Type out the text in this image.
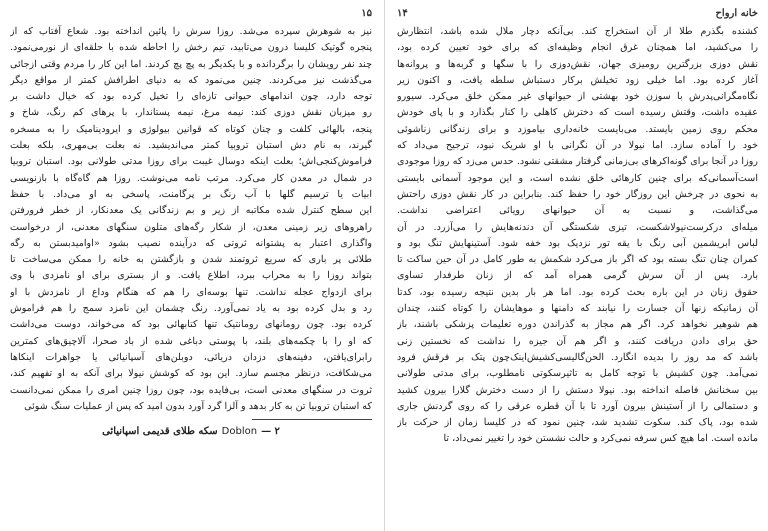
۱۵
نیز به شوهرش سپرده می‌شد. روزا سرش را پائین انداخته بود. شعاع آفتاب که از
پنجره گوتیک کلیسا درون می‌تابید، تیم رخش را احاطه شده با حلقه‌ای از نورمی‌نمود.
چند نفر رویشان را برگردانده و با یکدیگر به پچ پچ کردند. اما این کار را مردم وقتی ازجائی
می‌گذشت نیز می‌کردند. چنین می‌نمود که به دنیای اطرافش کمتر از مواقع دیگر
توجه دارد، چون اندامهای حیوانی تازه‌ای را تخیل کرده بود که خیال داشت بر
رو میزبان نقش دوزی کند: نیمه مرغ، نیمه پستاندار، با پرهای کم رنگ، شاخ و
پنجه، بالهائی کلفت و چنان کوتاه که قوانین بیولوژی و ایرودینامیک را به مسخره
گیرند، به نام دش استبان تروبیا کمتر می‌اندیشید. نه بعلت بی‌مهری، بلکه بعلت
فراموش‌کنجی‌اش؛ بعلت اینکه دوسال غیبت برای روزا مدتی طولانی بود. استبان تروبیا
در شمال در معدن کار می‌کرد. مرتب نامه می‌نوشت. روزا هم گاه‌گاه با بازنویسی
ابیات یا ترسیم گلها با آب رنگ بر پرگامنت، پاسخی به او می‌داد. با حفظ
این سطح کنترل شده مکاتبه از زیر و بم زندگانی یک معدنکار، از خطر فرورفتن
راهروهای زیر زمینی معدن، از شکار رگه‌های متلون سنگهای معدنی، از درخواست
واگذاری اعتبار به پشتوانه ثروتی که درآینده نصیب بشود «اوامیدبستن به رگه
طلائی پر باری که سریع ثروتمند شدن و بازگشتن به خانه را ممکن می‌ساخت تا
بتواند روزا را به محراب ببرد، اطلاع یافت. و از بستری برای او نامزدی با وی
برای ازدواج عجله نداشت. تنها بوسه‌ای را هم که هنگام وداع از نامزدش با او
رد و بدل کرده بود به یاد نمی‌آورد. رنگ چشمان این نامزد سمج را هم فراموش
کرده بود. چون رومانهای رومانتیک تنها کتابهائی بود که می‌خواند، دوست می‌داشت
که او را با چکمه‌های بلند، با پوستی دباغی شده از باد صحرا، آلاچیق‌های کمترین
رابرای‌یافتن، دفینه‌های دزدان دریائی، دوبلن‌های آسپانیائی یا جواهرات اینکاها
می‌شکافت، درنظر مجسم سازد. این بود که کوشش نیولا برای آنکه به او تفهیم کند،
ثروت در سنگهای معدنی است، بی‌فایده بود، چون روزا چنین امری را ممکن نمی‌دانست
که استبان تروبیا تن به کار بدهد و آلزا گرد آورد بدون امید که پس از عملیات سنگ شوئی
۲ —Doblonسکه طلای قدیمی اسپانیائی
خانه ارواح
۱۴
کشنده بگذرم طلا از آن استخراج کند. بی‌آنکه دچار ملال شده باشد، انتظارش
را می‌کشید، اما همچنان غرق انجام وظیفه‌ای که برای خود تعیین کرده بود،
نقش دوزی بزرگترین رومیزی جهان، نقش‌دوزی را با سگها و گربه‌ها و پروانه‌ها
آغاز کرده بود. اما خیلی زود تخیلش برکار دستباش سلطه یافت، و اکنون زیر
نگاه‌مگرانی‌پدرش با سوزن خود بهشتی از حیوانهای غیر ممکن خلق می‌کرد. سیورو
عقیده داشت، وقتش رسیده است که دخترش کاهلی را کنار بگذارد و با پای خودش
محکم روی زمین بایستد. می‌بایست خانه‌داری بیاموزد و برای زندگانی زناشوئی
خود را آماده سازد. اما نیولا در آن نگرانی با او شریک نبود، ترجیح می‌داد که
روزا در آنجا برای گونه‌اکرهای بی‌زمانی گرفتار مشقتی نشود. حدس می‌زد که روزا موجودی
است‌آسمانی‌که برای چنین کارهائی خلق نشده است، و این موجود آسمانی بایستی
به نحوی در چرخش این روزگار خود را حفظ کند. بنابراین در کار نقش دوزی راحتش
می‌گذاشت، و نسبت به آن حیوانهای رویائی اعتراضی نداشت.
میله‌ای درکرست‌نیولاشکست، تیزی شکستگی آن دندنه‌هایش را می‌آزرد. در آن
لباس ابریشمین آبی رنگ با یقه تور نزدیک بود خفه شود. آستینهایش تنگ بود و
کمران چنان تنگ بسته بود که اگر باز می‌کرد شکمش به طور کامل در آن حین ساکت تا
بارد. پس از آن سرش گرمی همراه آمد که از زنان طرفدار تساوی
حقوق زنان در این باره بحث کرده بود. اما هر بار بدین نتیجه رسیده بود، کدتا
آن زمانیکه زنها آن جسارت را نیابند که دامنها و موهایشان را کوتاه کنند، چندان
هم شوهیر نخواهد کرد. اگر هم مجاز به گذراندن دوره تعلیمات پزشکی باشند، باز
حق برای دادن دریافت کنند، و اگر هم آن جیزه را نداشت که نخستین زنی
باشد که مد روز را بدیده انگارد. الحن‌گالیسی‌کشیش‌اینک‌چون پتک بر فرقش فرود
نمی‌آمد. چون کشیش با توجه کامل به تاثیرسکوتی نامطلوب، برای مدتی طولانی
بین سخنانش فاصله انداخته بود. نیولا دستش را از دست دخترش گلارا بیرون کشید
و دستمالی را از آستینش بیرون آورد تا با آن قطره عرقی را که روی گردنش جاری
شده بود، پاک کند. سکوت تشدید شد، چنین نمود که در کلیسا زمان از حرکت باز
مانده است. اما هیچ کس سرفه نمی‌کرد و حالت نشستن خود را تغییر نمی‌داد، تا
